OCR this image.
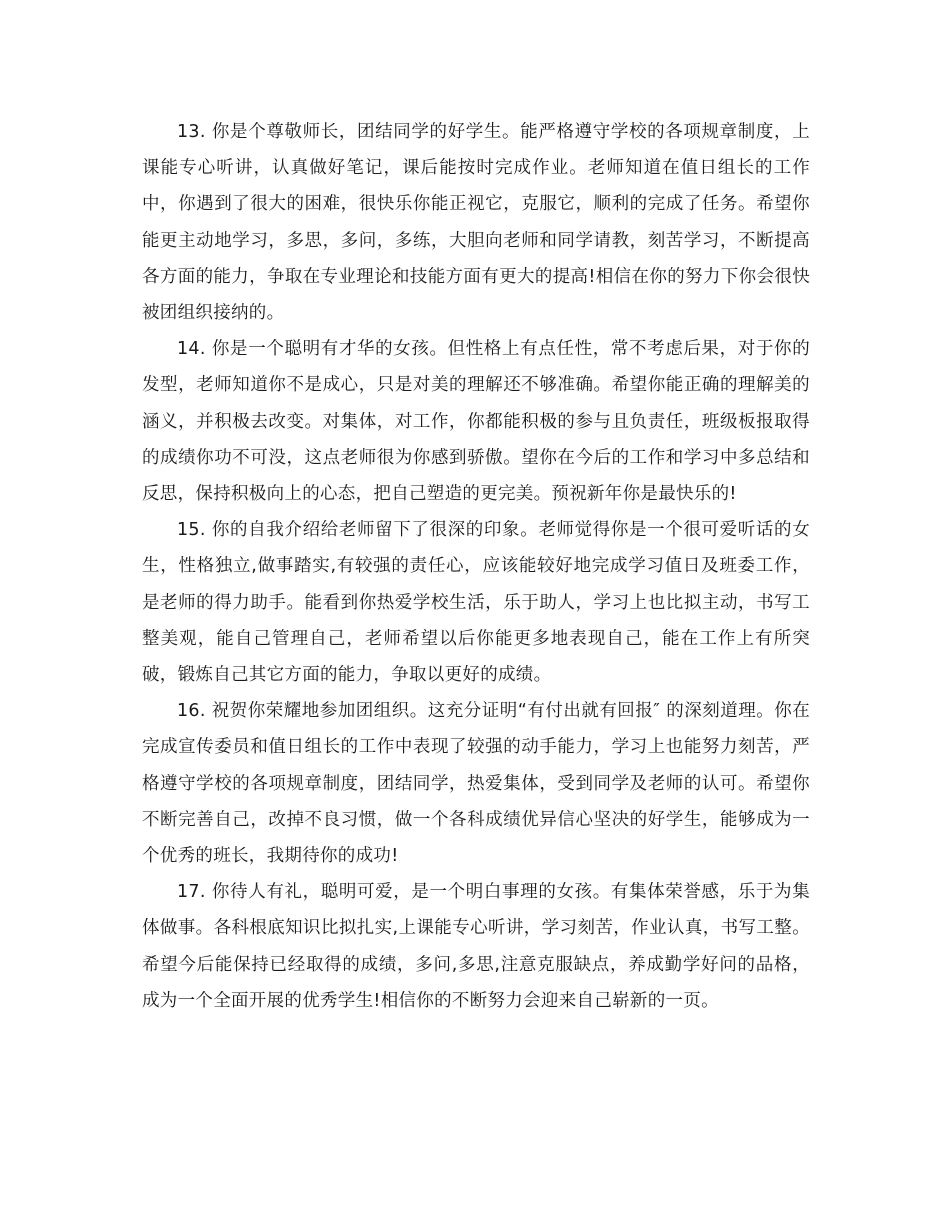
13. 你是个尊敬师长，团结同学的好学生。能严格遵守学校的各项规章制度，上课能专心听讲，认真做好笔记，课后能按时完成作业。老师知道在值日组长的工作中，你遇到了很大的困难，很快乐你能正视它，克服它，顺利的完成了任务。希望你能更主动地学习，多思，多问，多练，大胆向老师和同学请教，刻苦学习，不断提高各方面的能力，争取在专业理论和技能方面有更大的提高!相信在你的努力下你会很快被团组织接纳的。

14. 你是一个聪明有才华的女孩。但性格上有点任性，常不考虑后果，对于你的发型，老师知道你不是成心，只是对美的理解还不够准确。希望你能正确的理解美的涵义，并积极去改变。对集体，对工作，你都能积极的参与且负责任，班级板报取得的成绩你功不可没，这点老师很为你感到骄傲。望你在今后的工作和学习中多总结和反思，保持积极向上的心态，把自己塑造的更完美。预祝新年你是最快乐的!

15. 你的自我介绍给老师留下了很深的印象。老师觉得你是一个很可爱听话的女生，性格独立,做事踏实,有较强的责任心，应该能较好地完成学习值日及班委工作，是老师的得力助手。能看到你热爱学校生活，乐于助人，学习上也比拟主动，书写工整美观，能自己管理自己，老师希望以后你能更多地表现自己，能在工作上有所突破，锻炼自己其它方面的能力，争取以更好的成绩。

16. 祝贺你荣耀地参加团组织。这充分证明“有付出就有回报″ 的深刻道理。你在完成宣传委员和值日组长的工作中表现了较强的动手能力，学习上也能努力刻苦，严格遵守学校的各项规章制度，团结同学，热爱集体，受到同学及老师的认可。希望你不断完善自己，改掉不良习惯，做一个各科成绩优异信心坚决的好学生，能够成为一个优秀的班长，我期待你的成功!

17. 你待人有礼，聪明可爱，是一个明白事理的女孩。有集体荣誉感，乐于为集体做事。各科根底知识比拟扎实,上课能专心听讲，学习刻苦，作业认真，书写工整。希望今后能保持已经取得的成绩，多问,多思,注意克服缺点，养成勤学好问的品格，成为一个全面开展的优秀学生!相信你的不断努力会迎来自己崭新的一页。
